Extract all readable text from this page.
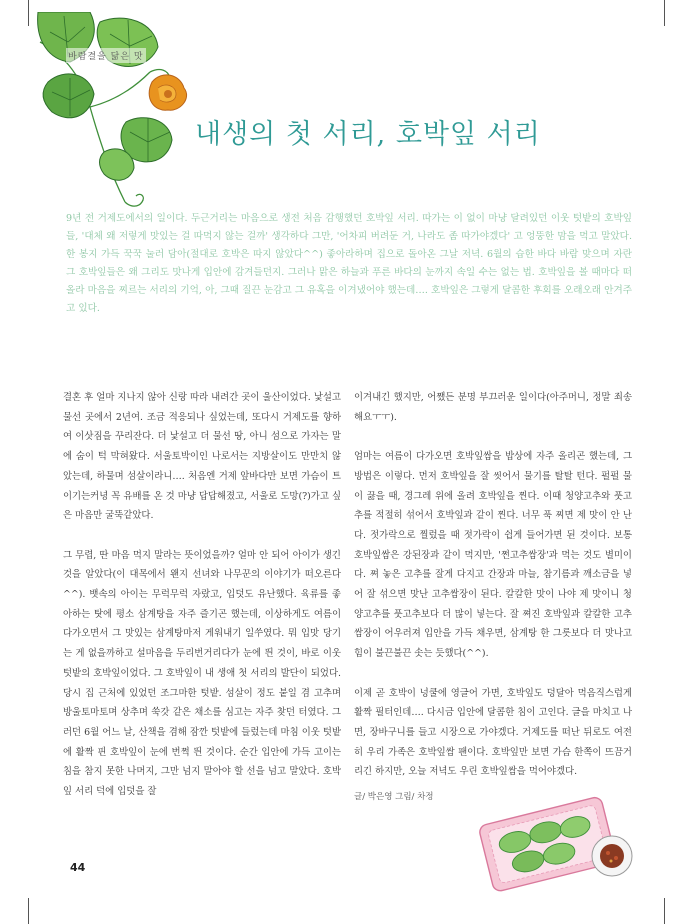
바람결을 닮은 맛
내생의 첫 서리, 호박잎 서리

9년 전 거제도에서의 일이다. 두근거리는 마음으로 생전 처음 감행했던 호박잎 서리. 따가는 이 없이 마냥 달려있던 이웃 텃밭의 호박잎들, '대체 왜 저렇게 맛있는 걸 따먹지 않는 걸까' 생각하다 그만, '어차피 버려둔 거, 나라도 좀 따가야겠다' 고 엉뚱한 맘을 먹고 말았다. 한 봉지 가득 꾹꾹 눌러 담아(절대로 호박은 따지 않았다^^) 좋아라하며 집으로 돌아온 그날 저녁. 6월의 습한 바다 바람 맞으며 자란 그 호박잎들은 왜 그리도 맛나게 입안에 감겨들던지. 그러나 맑은 하늘과 푸른 바다의 눈까지 속일 수는 없는 법. 호박잎을 볼 때마다 떠올라 마음을 찌르는 서리의 기억, 아, 그때 질끈 눈감고 그 유혹을 이겨냈어야 했는데…. 호박잎은 그렇게 달콤한 후회를 오래오래 안겨주고 있다.

결혼 후 얼마 지나지 않아 신랑 따라 내려간 곳이 울산이었다. 낯설고 물선 곳에서 2년여. 조금 적응되나 싶었는데, 또다시 거제도를 향하여 이삿짐을 꾸리잔다. 더 낯설고 더 물선 땅, 아니 섬으로 가자는 말에 숨이 턱 막혀왔다. 서울토박이인 나로서는 지방살이도 만만치 않았는데, 하물며 섬살이라니…. 처음엔 거제 앞바다만 보면 가슴이 트이기는커녕 꼭 유배를 온 것 마냥 답답해졌고, 서울로 도망(?)가고 싶은 마음만 굴뚝같았다.

그 무렵, 딴 마음 먹지 말라는 뜻이었을까? 얼마 안 되어 아이가 생긴 것을 알았다(이 대목에서 왠지 선녀와 나무꾼의 이야기가 떠오른다^^). 뱃속의 아이는 무럭무럭 자랐고, 입덧도 유난했다. 육류를 좋아하는 탓에 평소 삼계탕을 자주 즐기곤 했는데, 이상하게도 여름이 다가오면서 그 맛있는 삼계탕마저 게워내기 일쑤였다. 뭐 입맛 당기는 게 없을까하고 설마음을 두리번거리다가 눈에 띈 것이, 바로 이웃 텃밭의 호박잎이었다. 그 호박잎이 내 생애 첫 서리의 발단이 되었다. 당시 집 근처에 있었던 조그마한 텃밭. 섬살이 정도 붙일 겸 고추며 방울토마토며 상추며 쑥갓 같은 채소를 심고는 자주 찾던 터였다. 그러던 6월 어느 날, 산책을 겸해 잠깐 텃밭에 들렀는데 마침 이웃 텃밭에 활짝 핀 호박잎이 눈에 번쩍 띈 것이다. 순간 입안에 가득 고이는 침을 참지 못한 나머지, 그만 넘지 말아야 할 선을 넘고 말았다. 호박잎 서리 덕에 입덧을 잘

이겨내긴 했지만, 어쨌든 분명 부끄러운 일이다(아주머니, 정말 죄송해요ㅜㅜ).

엄마는 여름이 다가오면 호박잎쌈을 밥상에 자주 올리곤 했는데, 그 방법은 이렇다. 먼저 호박잎을 잘 씻어서 물기를 탈탈 턴다. 펄펄 물이 끓을 때, 경그레 위에 올려 호박잎을 찐다. 이때 청양고추와 풋고추를 적절히 섞어서 호박잎과 같이 찐다. 너무 푹 찌면 제 맛이 안 난다. 젓가락으로 찔렀을 때 젓가락이 쉽게 들어가면 된 것이다. 보통 호박잎쌈은 강된장과 같이 먹지만, '쩐고추쌈장'과 먹는 것도 별미이다. 쪄 놓은 고추를 잘게 다지고 간장과 마늘, 참기름과 깨소금을 넣어 잘 섞으면 맛난 고추쌈장이 된다. 칼칼한 맛이 나야 제 맛이니 청양고추를 풋고추보다 더 많이 넣는다. 잘 쪄진 호박잎과 칼칼한 고추쌈장이 어우러져 입안을 가득 채우면, 삼계탕 한 그릇보다 더 맛나고 힘이 불끈불끈 솟는 듯했다(^^).

이제 곧 호박이 넝쿨에 영글어 가면, 호박잎도 덩달아 먹음직스럽게 활짝 필터인데…. 다시금 입안에 달콤한 침이 고인다. 글을 마치고 나면, 장바구니를 들고 시장으로 가야겠다. 거제도를 떠난 뒤로도 여전히 우리 가족은 호박잎쌈 팬이다. 호박잎만 보면 가슴 한쪽이 뜨끔거리긴 하지만, 오늘 저녁도 우린 호박잎쌈을 먹어야겠다.

글/ 박은영 그림/ 차정

44
